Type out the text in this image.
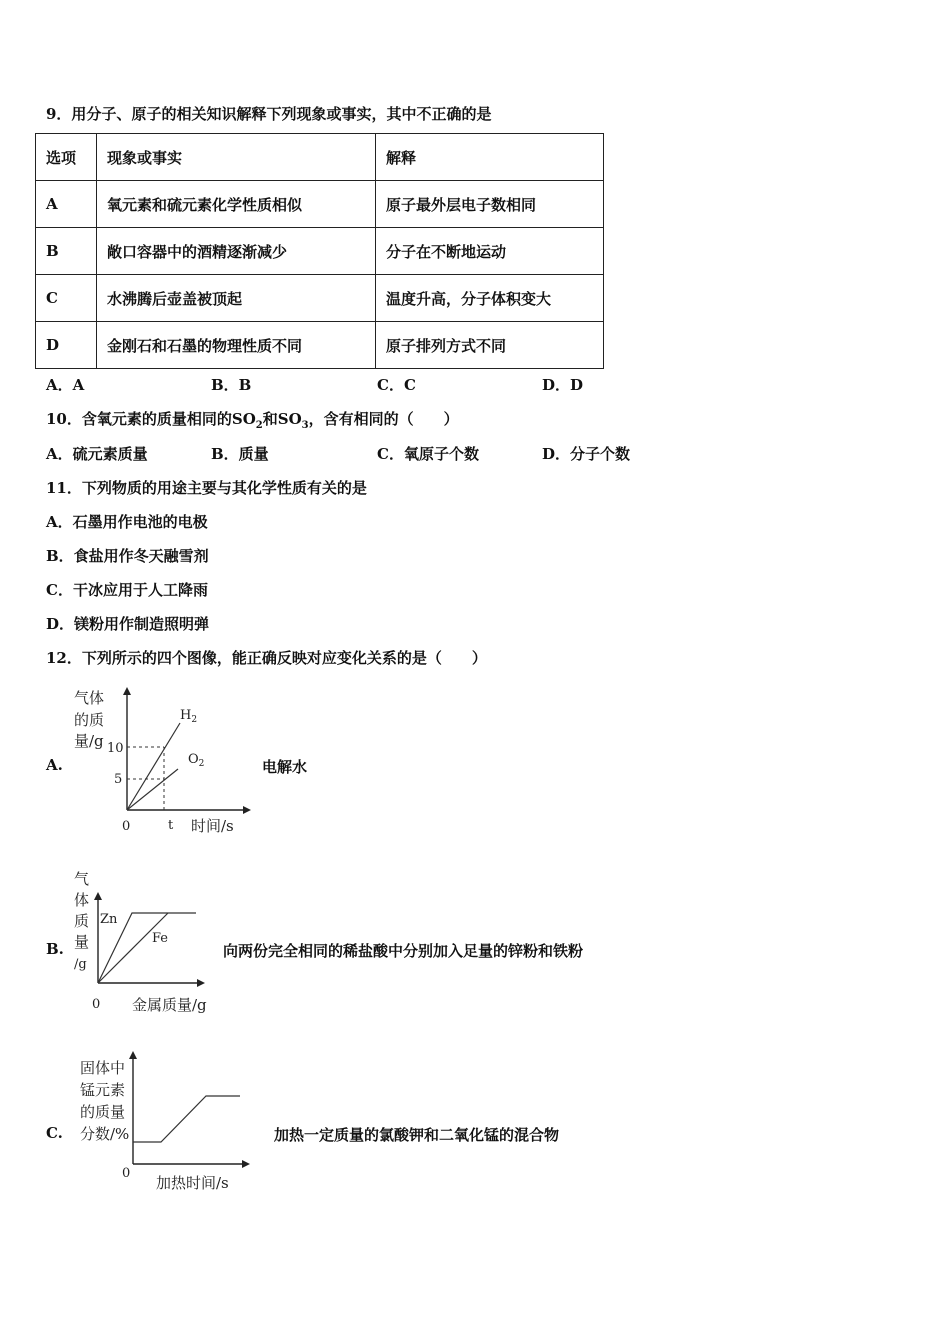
9．用分子、原子的相关知识解释下列现象或事实，其中不正确的是
选项	现象或事实	解释
A	氧元素和硫元素化学性质相似	原子最外层电子数相同
B	敞口容器中的酒精逐渐减少	分子在不断地运动
C	水沸腾后壶盖被顶起	温度升高，分子体积变大
D	金刚石和石墨的物理性质不同	原子排列方式不同
A．A	B．B	C．C	D．D
10．含氧元素的质量相同的$SO_2$和$SO_3$，含有相同的（　　）
A．硫元素质量	B．质量	C．氧原子个数	D．分子个数
11．下列物质的用途主要与其化学性质有关的是
A．石墨用作电池的电极
B．食盐用作冬天融雪剂
C．干冰应用于人工降雨
D．镁粉用作制造照明弹
12．下列所示的四个图像，能正确反映对应变化关系的是（　　）
A.
气体
的质
量/g 10
5
0	t 时间/s
$H_2$
$O_2$	电解水
B.
气
体
质
量
/g
Zn
Fe
0 金属质量/g
向两份完全相同的稀盐酸中分别加入足量的锌粉和铁粉
C.
固体中
锰元素
的质量
分数/%
0
加热时间/s
加热一定质量的氯酸钾和二氧化锰的混合物
